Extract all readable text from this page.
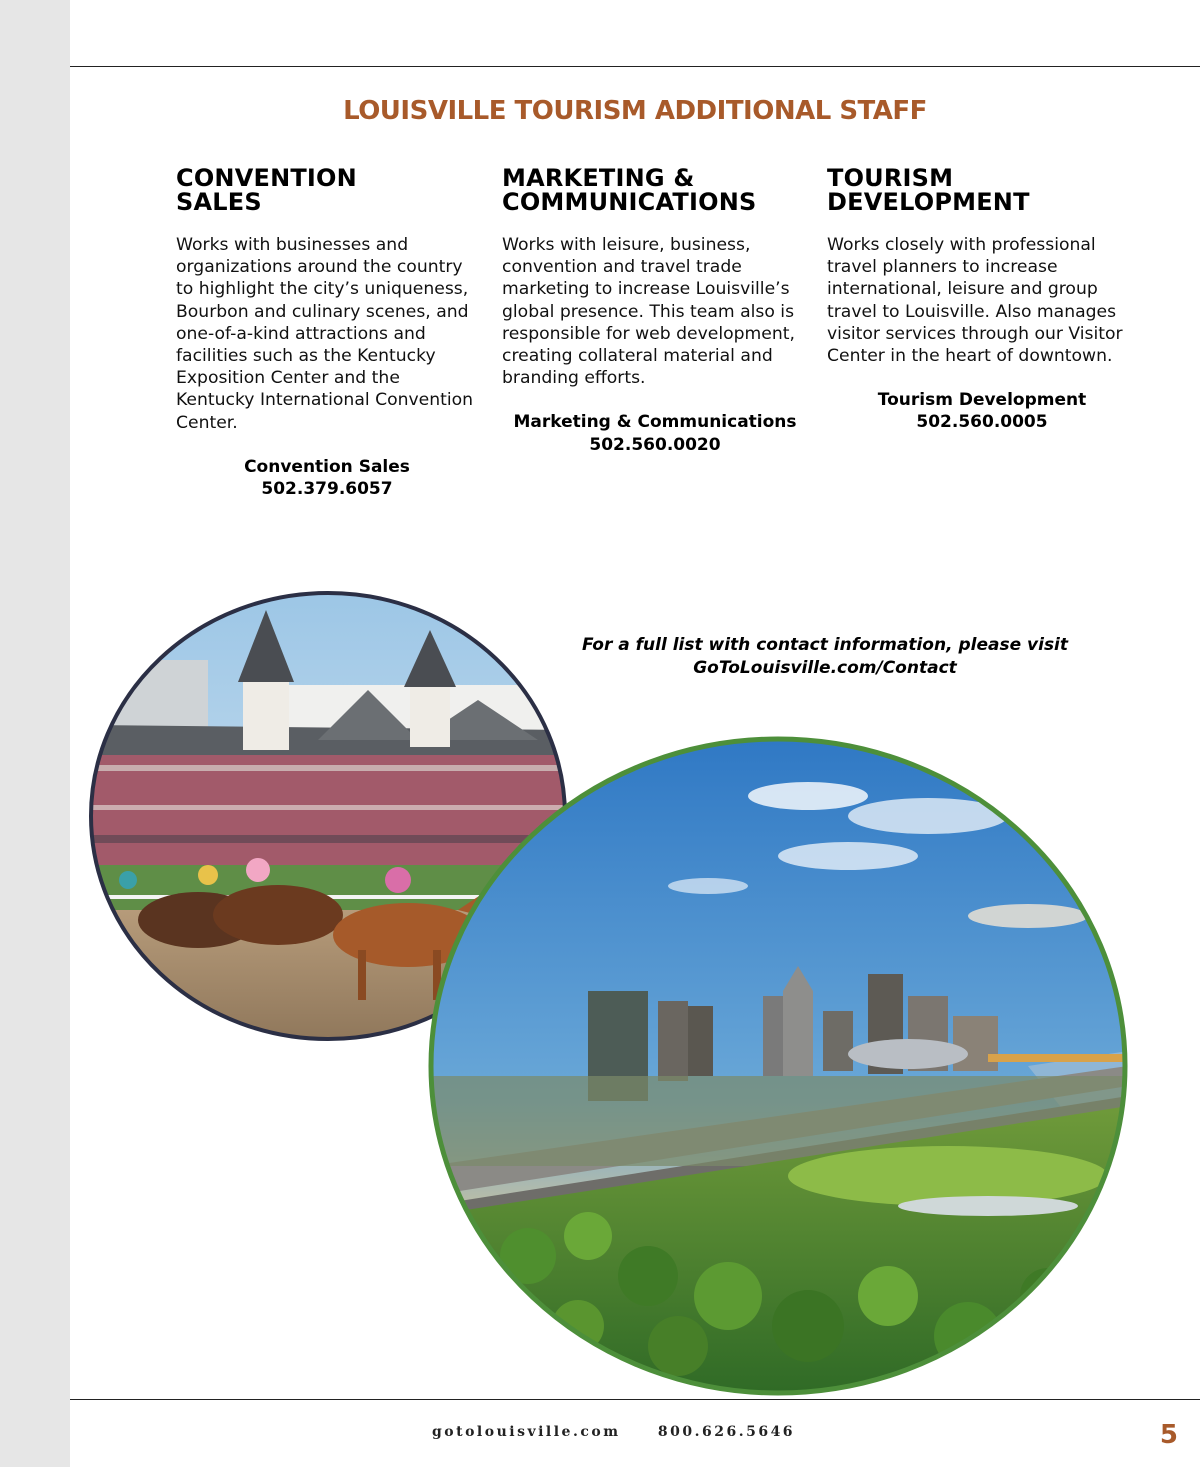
LOUISVILLE TOURISM ADDITIONAL STAFF
CONVENTION
SALES

Works with businesses and organizations around the country to highlight the city’s uniqueness, Bourbon and culinary scenes, and one-of-a-kind attractions and facilities such as the Kentucky Exposition Center and the Kentucky International Convention Center.

Convention Sales
502.379.6057
MARKETING &
COMMUNICATIONS

Works with leisure, business, convention and travel trade marketing to increase Louisville’s global presence. This team also is responsible for web development, creating collateral material and branding efforts.

Marketing & Communications
502.560.0020
TOURISM
DEVELOPMENT

Works closely with professional travel planners to increase international, leisure and group travel to Louisville. Also manages visitor services through our Visitor Center in the heart of downtown.

Tourism Development
502.560.0005
For a full list with contact information, please visit
GoToLouisville.com/Contact
gotolouisville.com	800.626.5646	5
